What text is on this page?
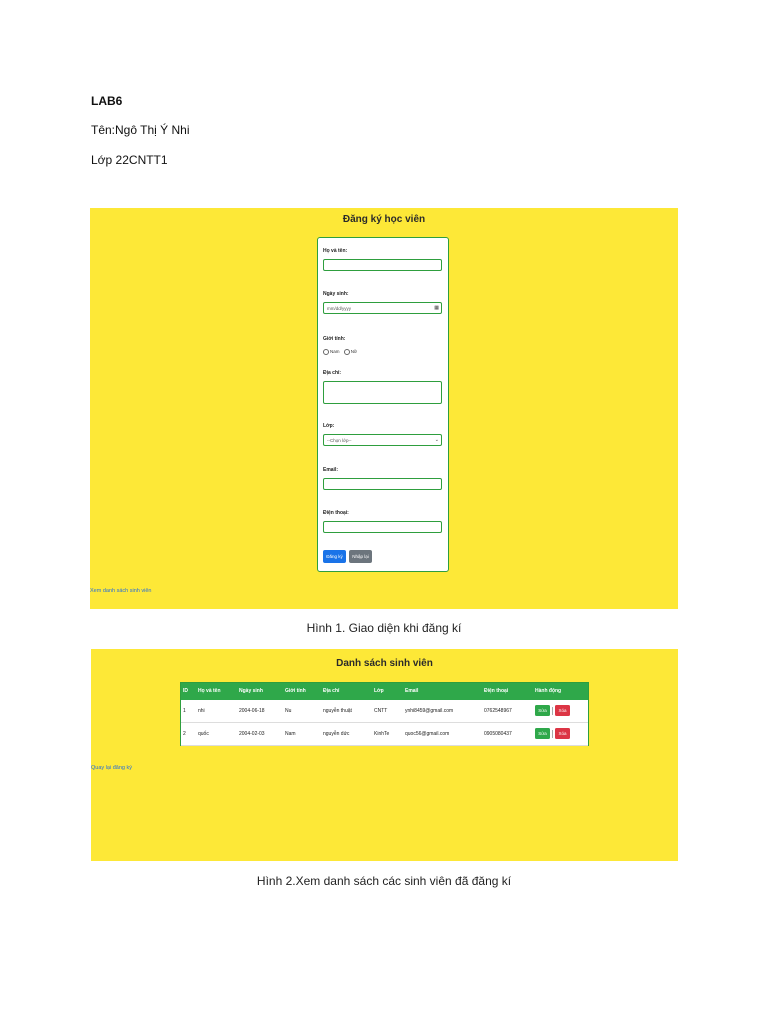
LAB6
Tên:Ngô Thị Ý Nhi
Lớp 22CNTT1
Đăng ký học viên
Họ và tên:
Ngày sinh:
mm/dd/yyyy	▦
Giới tính:
Nam	Nữ
Địa chỉ:
Lớp:
--Chọn lớp--	⌄
Email:
Điện thoại:
Đăng ký	Nhập lại
Xem danh sách sinh viên
Hình 1. Giao diện khi đăng kí
Danh sách sinh viên
ID Họ và tên	Ngày sinh	Giới tính	Địa chỉ	Lớp	Email	Điện thoại	Hành động
1 nhi	2004-06-18	Nu	nguyễn thuật	CNTT	ynhi8459@gmail.com	0762548967	Sửa	Xóa
2 quốc	2004-02-03	Nam	nguyễn dức	KinhTe	quoc56@gmail.com	0905080437	Sửa	Xóa
Quay lại đăng ký
Hình 2.Xem danh sách các sinh viên đã đăng kí
